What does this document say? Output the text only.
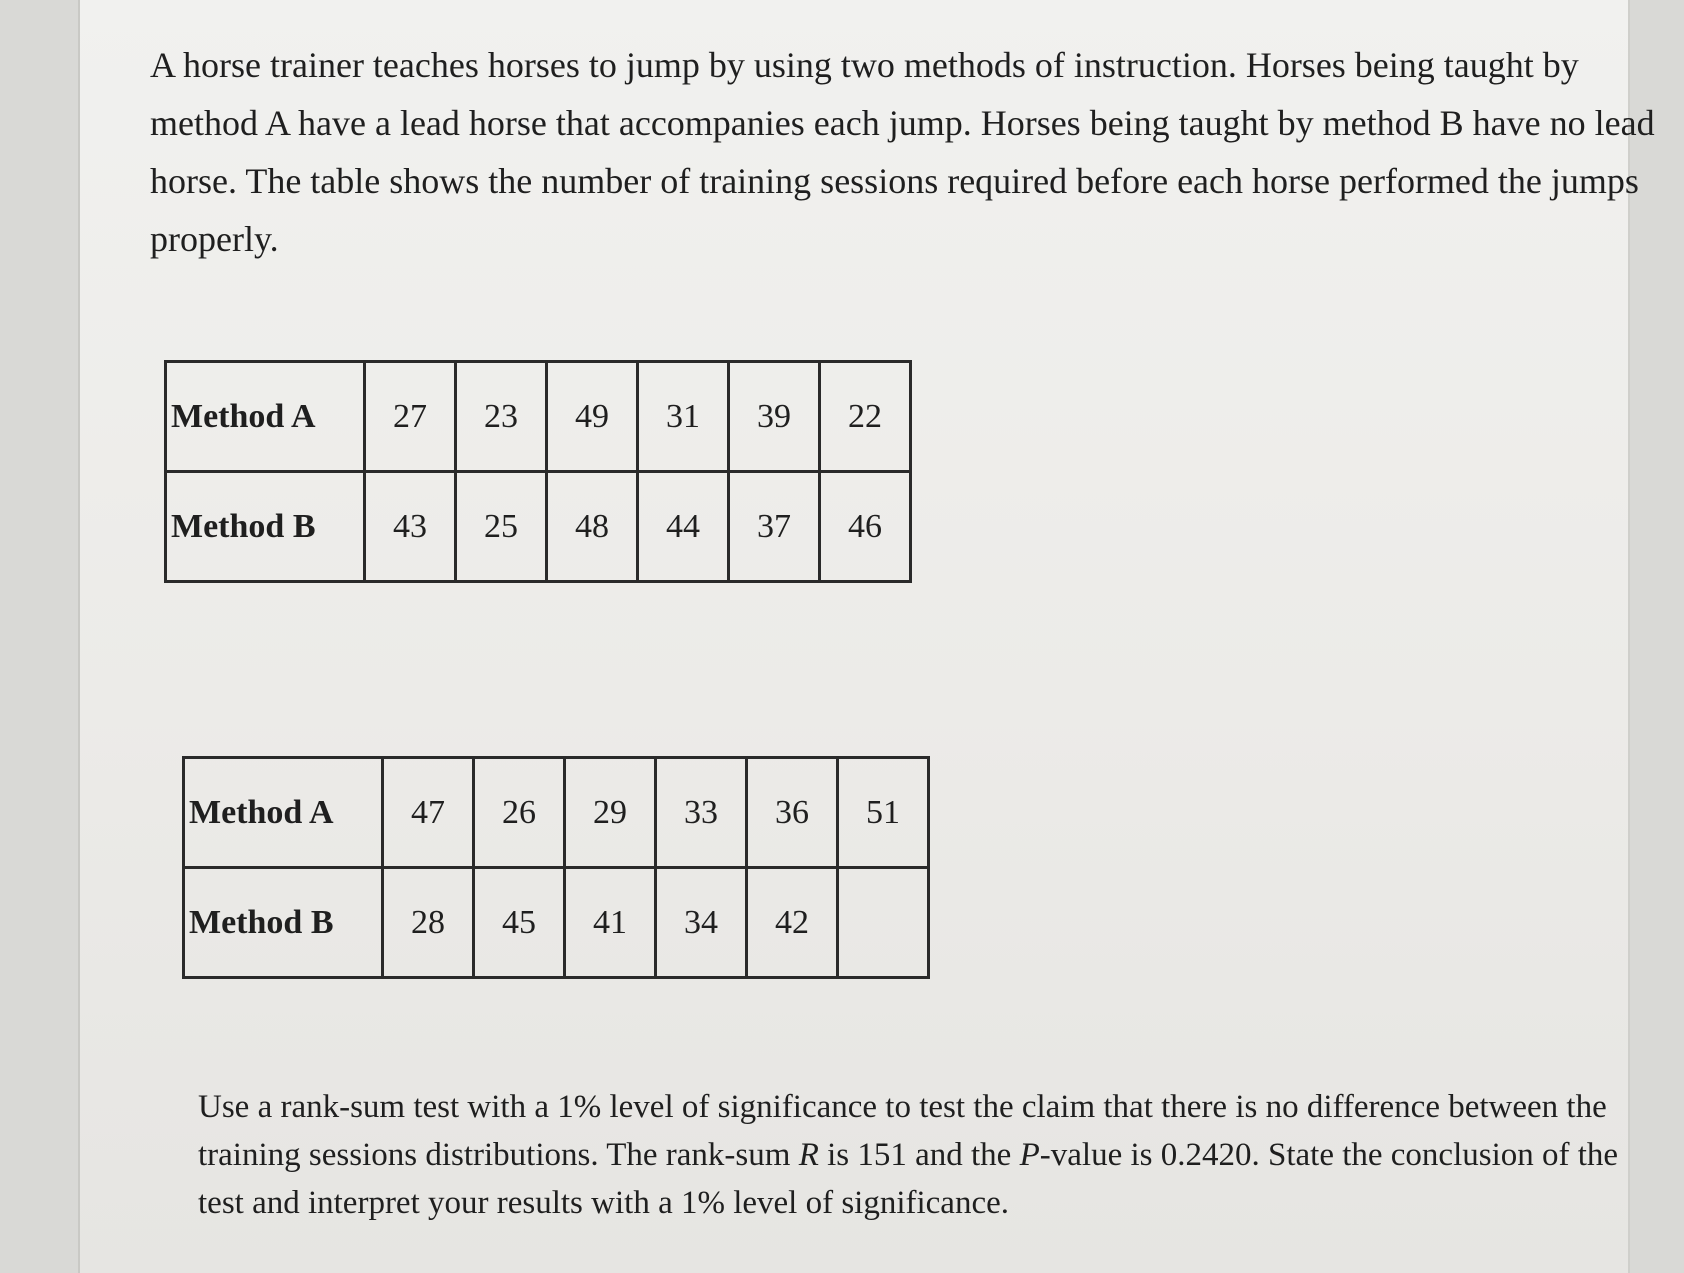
A horse trainer teaches horses to jump by using two methods of instruction. Horses being taught by method A have a lead horse that accompanies each jump. Horses being taught by method B have no lead horse. The table shows the number of training sessions required before each horse performed the jumps properly.

Method A	27	23	49	31	39	22
Method B	43	25	48	44	37	46
Method A	47	26	29	33	36	51
Method B	28	45	41	34	42	

Use a rank-sum test with a 1% level of significance to test the claim that there is no difference between the training sessions distributions. The rank-sum R is 151 and the P-value is 0.2420. State the conclusion of the test and interpret your results with a 1% level of significance.
